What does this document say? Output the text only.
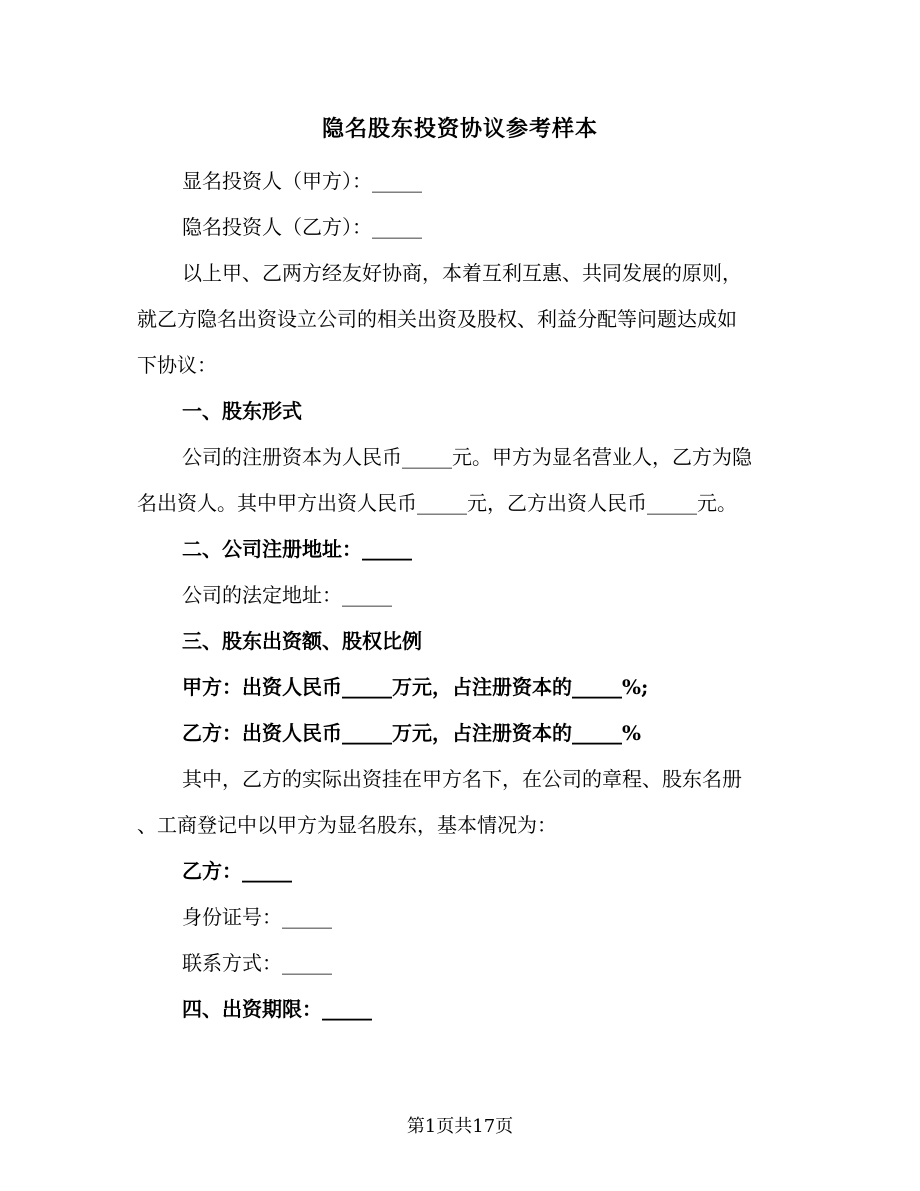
隐名股东投资协议参考样本

显名投资人（甲方）：_____

隐名投资人（乙方）：_____

以上甲、乙两方经友好协商，本着互利互惠、共同发展的原则，

就乙方隐名出资设立公司的相关出资及股权、利益分配等问题达成如

下协议：

一、股东形式

公司的注册资本为人民币_____元。甲方为显名营业人，乙方为隐

名出资人。其中甲方出资人民币_____元，乙方出资人民币_____元。

二、公司注册地址：_____

公司的法定地址：_____

三、股东出资额、股权比例

甲方：出资人民币_____万元，占注册资本的_____%;

乙方：出资人民币_____万元，占注册资本的_____%

其中，乙方的实际出资挂在甲方名下，在公司的章程、股东名册

、工商登记中以甲方为显名股东，基本情况为：

乙方：_____

身份证号：_____

联系方式：_____

四、出资期限：_____

第1页共17页
